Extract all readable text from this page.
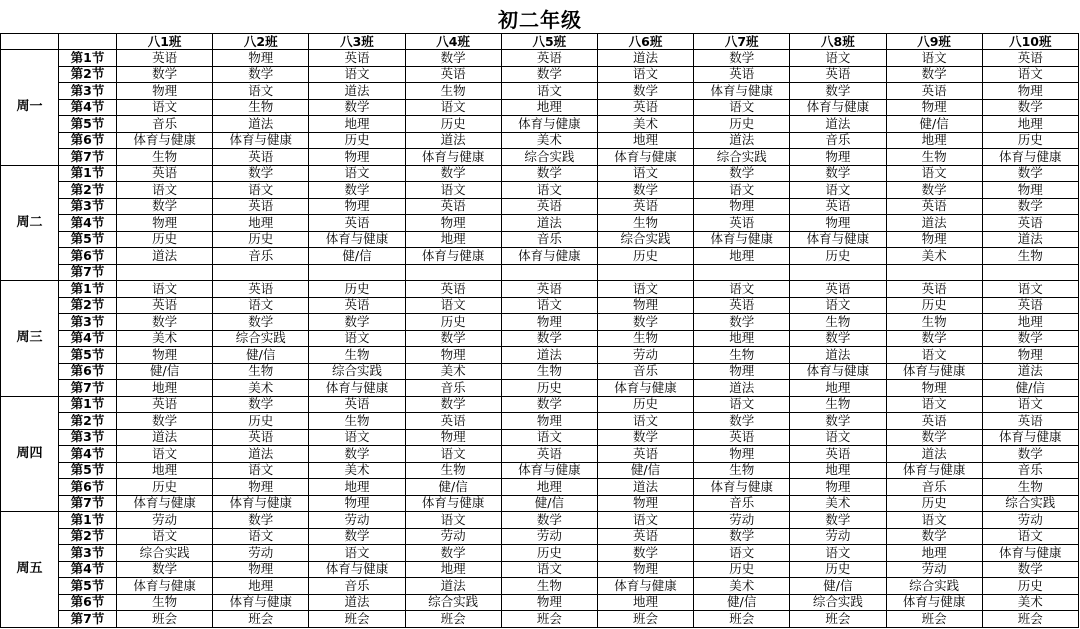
初二年级
		八1班	八2班	八3班	八4班	八5班	八6班	八7班	八8班	八9班	八10班
周一	第1节	英语	物理	英语	数学	英语	道法	数学	语文	语文	英语
	第2节	数学	数学	语文	英语	数学	语文	英语	英语	数学	语文
	第3节	物理	语文	道法	生物	语文	数学	体育与健康	数学	英语	物理
	第4节	语文	生物	数学	语文	地理	英语	语文	体育与健康	物理	数学
	第5节	音乐	道法	地理	历史	体育与健康	美术	历史	道法	健/信	地理
	第6节	体育与健康	体育与健康	历史	道法	美术	地理	道法	音乐	地理	历史
	第7节	生物	英语	物理	体育与健康	综合实践	体育与健康	综合实践	物理	生物	体育与健康
周二	第1节	英语	数学	语文	数学	数学	语文	数学	数学	语文	数学
	第2节	语文	语文	数学	语文	语文	数学	语文	语文	数学	物理
	第3节	数学	英语	物理	英语	英语	英语	物理	英语	英语	数学
	第4节	物理	地理	英语	物理	道法	生物	英语	物理	道法	英语
	第5节	历史	历史	体育与健康	地理	音乐	综合实践	体育与健康	体育与健康	物理	道法
	第6节	道法	音乐	健/信	体育与健康	体育与健康	历史	地理	历史	美术	生物
	第7节										
周三	第1节	语文	英语	历史	英语	英语	语文	语文	英语	英语	语文
	第2节	英语	语文	英语	语文	语文	物理	英语	语文	历史	英语
	第3节	数学	数学	数学	历史	物理	数学	数学	生物	生物	地理
	第4节	美术	综合实践	语文	数学	数学	生物	地理	数学	数学	数学
	第5节	物理	健/信	生物	物理	道法	劳动	生物	道法	语文	物理
	第6节	健/信	生物	综合实践	美术	生物	音乐	物理	体育与健康	体育与健康	道法
	第7节	地理	美术	体育与健康	音乐	历史	体育与健康	道法	地理	物理	健/信
周四	第1节	英语	数学	英语	数学	数学	历史	语文	生物	语文	语文
	第2节	数学	历史	生物	英语	物理	语文	数学	数学	英语	英语
	第3节	道法	英语	语文	物理	语文	数学	英语	语文	数学	体育与健康
	第4节	语文	道法	数学	语文	英语	英语	物理	英语	道法	数学
	第5节	地理	语文	美术	生物	体育与健康	健/信	生物	地理	体育与健康	音乐
	第6节	历史	物理	地理	健/信	地理	道法	体育与健康	物理	音乐	生物
	第7节	体育与健康	体育与健康	物理	体育与健康	健/信	物理	音乐	美术	历史	综合实践
周五	第1节	劳动	数学	劳动	语文	数学	语文	劳动	数学	语文	劳动
	第2节	语文	语文	数学	劳动	劳动	英语	数学	劳动	数学	语文
	第3节	综合实践	劳动	语文	数学	历史	数学	语文	语文	地理	体育与健康
	第4节	数学	物理	体育与健康	地理	语文	物理	历史	历史	劳动	数学
	第5节	体育与健康	地理	音乐	道法	生物	体育与健康	美术	健/信	综合实践	历史
	第6节	生物	体育与健康	道法	综合实践	物理	地理	健/信	综合实践	体育与健康	美术
	第7节	班会	班会	班会	班会	班会	班会	班会	班会	班会	班会
